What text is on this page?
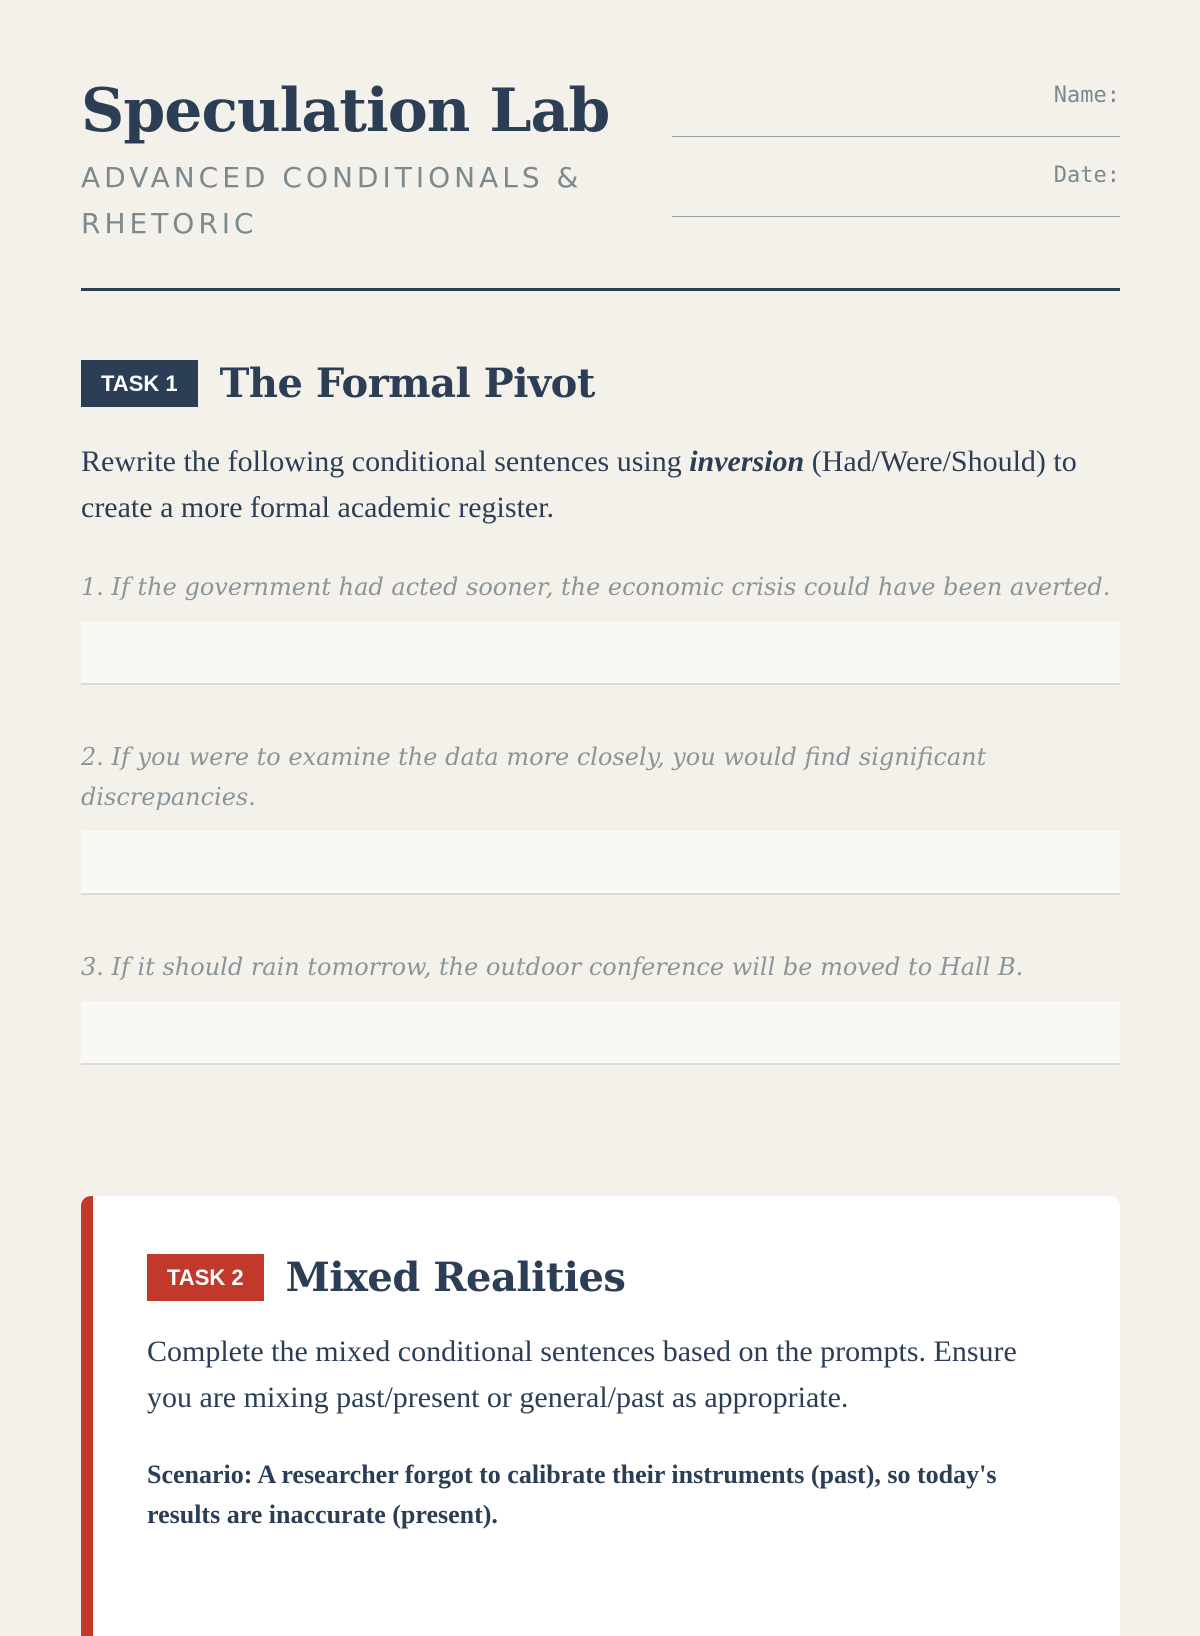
Speculation Lab
ADVANCED CONDITIONALS & RHETORIC
Name:
Date:
TASK 1	The Formal Pivot
Rewrite the following conditional sentences using inversion (Had/Were/Should) to create a more formal academic register.
1. If the government had acted sooner, the economic crisis could have been averted.
2. If you were to examine the data more closely, you would find significant discrepancies.
3. If it should rain tomorrow, the outdoor conference will be moved to Hall B.
TASK 2	Mixed Realities
Complete the mixed conditional sentences based on the prompts. Ensure you are mixing past/present or general/past as appropriate.
Scenario: A researcher forgot to calibrate their instruments (past), so today's results are inaccurate (present).
